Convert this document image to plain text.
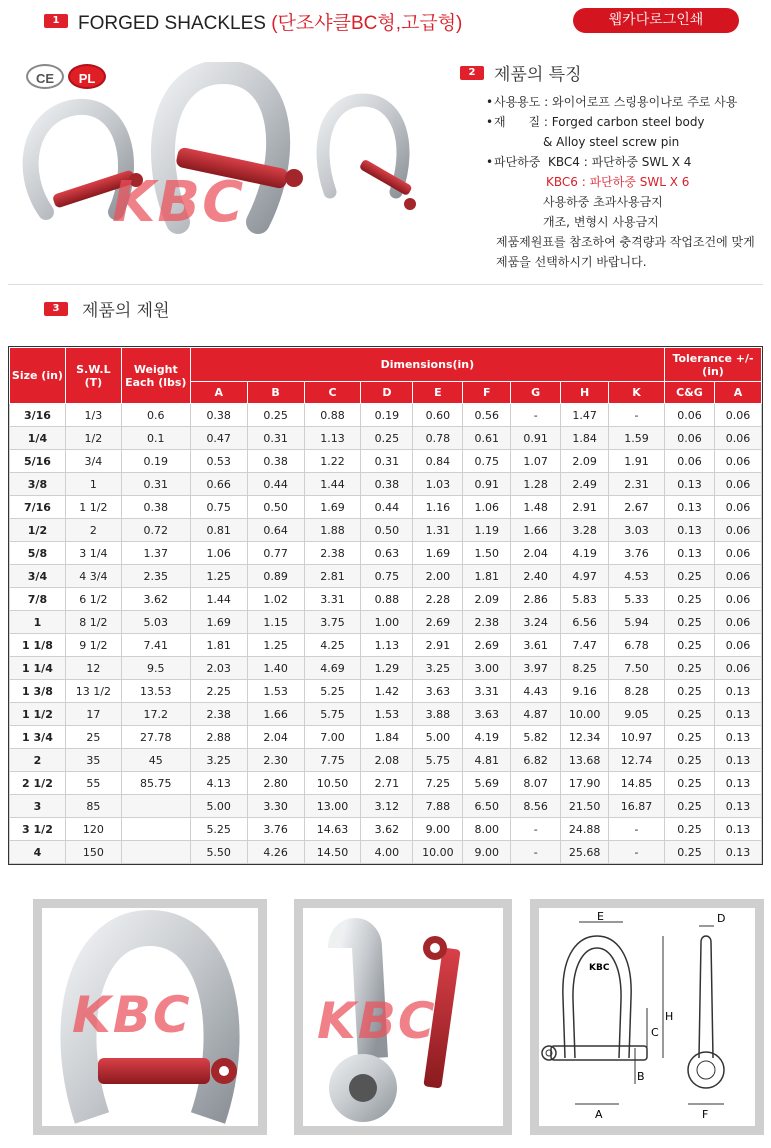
1 FORGED SHACKLES (단조샤클BC형,고급형)	웹카다로그인쇄
KBC
CE	PL	2	제품의 특징
• 사용용도 : 와이어로프 스링용이나로 주로 사용
• 재      질 : Forged carbon steel body
& Alloy steel screw pin
• 파단하중 KBC4 : 파단하중 SWL X 4
KBC6 : 파단하중 SWL X 6
사용하중 초과사용금지
개조, 변형시 사용금지
제품제원표를 참조하여 충격량과 작업조건에 맞게
제품을 선택하시기 바랍니다.
3	제품의 제원
Size (in)	S.W.L (T)	Weight Each (lbs)	Dimensions(in)									Tolerance +/- (in)	
			A	B	C	D	E	F	G	H	K	C&G	A
3/16	1/3	0.6	0.38	0.25	0.88	0.19	0.60	0.56	-	1.47	-	0.06	0.06
1/4	1/2	0.1	0.47	0.31	1.13	0.25	0.78	0.61	0.91	1.84	1.59	0.06	0.06
5/16	3/4	0.19	0.53	0.38	1.22	0.31	0.84	0.75	1.07	2.09	1.91	0.06	0.06
3/8	1	0.31	0.66	0.44	1.44	0.38	1.03	0.91	1.28	2.49	2.31	0.13	0.06
7/16	1 1/2	0.38	0.75	0.50	1.69	0.44	1.16	1.06	1.48	2.91	2.67	0.13	0.06
1/2	2	0.72	0.81	0.64	1.88	0.50	1.31	1.19	1.66	3.28	3.03	0.13	0.06
5/8	3 1/4	1.37	1.06	0.77	2.38	0.63	1.69	1.50	2.04	4.19	3.76	0.13	0.06
3/4	4 3/4	2.35	1.25	0.89	2.81	0.75	2.00	1.81	2.40	4.97	4.53	0.25	0.06
7/8	6 1/2	3.62	1.44	1.02	3.31	0.88	2.28	2.09	2.86	5.83	5.33	0.25	0.06
1	8 1/2	5.03	1.69	1.15	3.75	1.00	2.69	2.38	3.24	6.56	5.94	0.25	0.06
1 1/8	9 1/2	7.41	1.81	1.25	4.25	1.13	2.91	2.69	3.61	7.47	6.78	0.25	0.06
1 1/4	12	9.5	2.03	1.40	4.69	1.29	3.25	3.00	3.97	8.25	7.50	0.25	0.06
1 3/8	13 1/2	13.53	2.25	1.53	5.25	1.42	3.63	3.31	4.43	9.16	8.28	0.25	0.13
1 1/2	17	17.2	2.38	1.66	5.75	1.53	3.88	3.63	4.87	10.00	9.05	0.25	0.13
1 3/4	25	27.78	2.88	2.04	7.00	1.84	5.00	4.19	5.82	12.34	10.97	0.25	0.13
2	35	45	3.25	2.30	7.75	2.08	5.75	4.81	6.82	13.68	12.74	0.25	0.13
2 1/2	55	85.75	4.13	2.80	10.50	2.71	7.25	5.69	8.07	17.90	14.85	0.25	0.13
3	85		5.00	3.30	13.00	3.12	7.88	6.50	8.56	21.50	16.87	0.25	0.13
3 1/2	120		5.25	3.76	14.63	3.62	9.00	8.00	-	24.88	-	0.25	0.13
4	150		5.50	4.26	14.50	4.00	10.00	9.00	-	25.68	-	0.25	0.13
KBC	KBC
KBC
E
A
C
H
B
D
F
